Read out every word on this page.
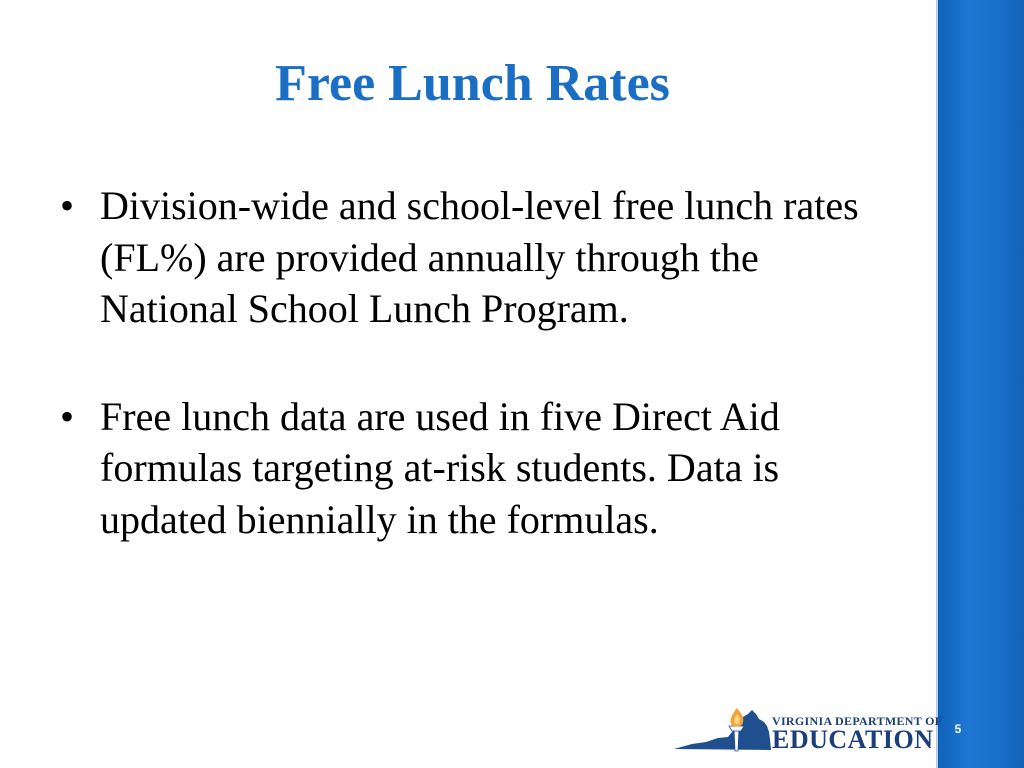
Free Lunch Rates
• Division-wide and school-level free lunch rates (FL%) are provided annually through the National School Lunch Program.
• Free lunch data are used in five Direct Aid formulas targeting at-risk students. Data is updated biennially in the formulas.
VIRGINIA DEPARTMENT OF
EDUCATION	5
